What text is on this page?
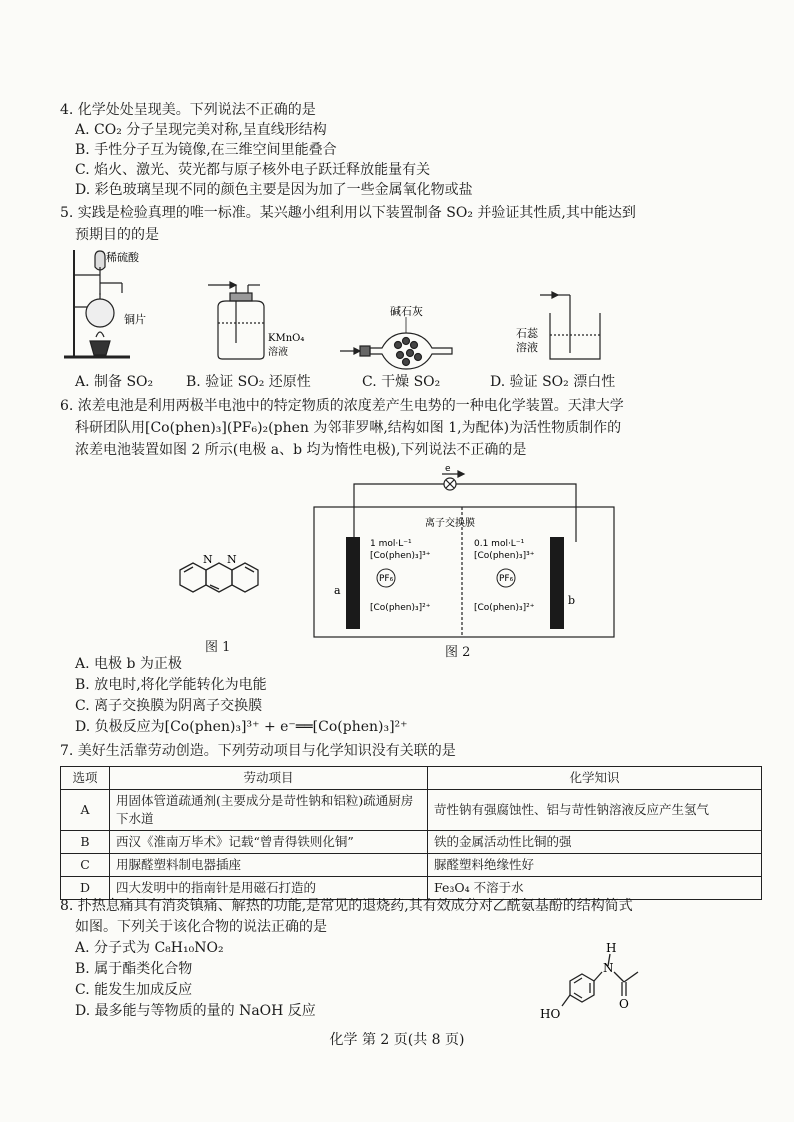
4. 化学处处呈现美。下列说法不正确的是
A. CO₂ 分子呈现完美对称,呈直线形结构
B. 手性分子互为镜像,在三维空间里能叠合
C. 焰火、激光、荧光都与原子核外电子跃迁释放能量有关
D. 彩色玻璃呈现不同的颜色主要是因为加了一些金属氧化物或盐
5. 实践是检验真理的唯一标准。某兴趣小组利用以下装置制备 SO₂ 并验证其性质,其中能达到
预期目的的是
稀硫酸
铜片
KMnO₄
溶液
碱石灰
石蕊
溶液
A. 制备 SO₂ B. 验证 SO₂ 还原性	C. 干燥 SO₂	D. 验证 SO₂ 漂白性
6. 浓差电池是利用两极半电池中的特定物质的浓度差产生电势的一种电化学装置。天津大学
科研团队用[Co(phen)₃](PF₆)₂(phen 为邻菲罗啉,结构如图 1,为配体)为活性物质制作的
浓差电池装置如图 2 所示(电极 a、b 均为惰性电极),下列说法不正确的是
N N
图 1
e
离子交换膜
1 mol·L⁻¹
[Co(phen)₃]³⁺
PF₆
[Co(phen)₃]²⁺
0.1 mol·L⁻¹
[Co(phen)₃]³⁺
PF₆
[Co(phen)₃]²⁺
a
b
图 2
A. 电极 b 为正极
B. 放电时,将化学能转化为电能
C. 离子交换膜为阴离子交换膜
D. 负极反应为[Co(phen)₃]³⁺ + e⁻══[Co(phen)₃]²⁺
7. 美好生活靠劳动创造。下列劳动项目与化学知识没有关联的是
选项	劳动项目	化学知识
A	用固体管道疏通剂(主要成分是苛性钠和铝粒)疏通厨房下水道	苛性钠有强腐蚀性、铝与苛性钠溶液反应产生氢气
B	西汉《淮南万毕术》记载“曾青得铁则化铜”	铁的金属活动性比铜的强
C	用脲醛塑料制电器插座	脲醛塑料绝缘性好
D	四大发明中的指南针是用磁石打造的	Fe₃O₄ 不溶于水
8. 扑热息痛具有消炎镇痛、解热的功能,是常见的退烧药,其有效成分对乙酰氨基酚的结构简式
如图。下列关于该化合物的说法正确的是
A. 分子式为 C₈H₁₀NO₂
B. 属于酯类化合物
C. 能发生加成反应
D. 最多能与等物质的量的 NaOH 反应
H
N
O
HO
化学 第 2 页(共 8 页)
